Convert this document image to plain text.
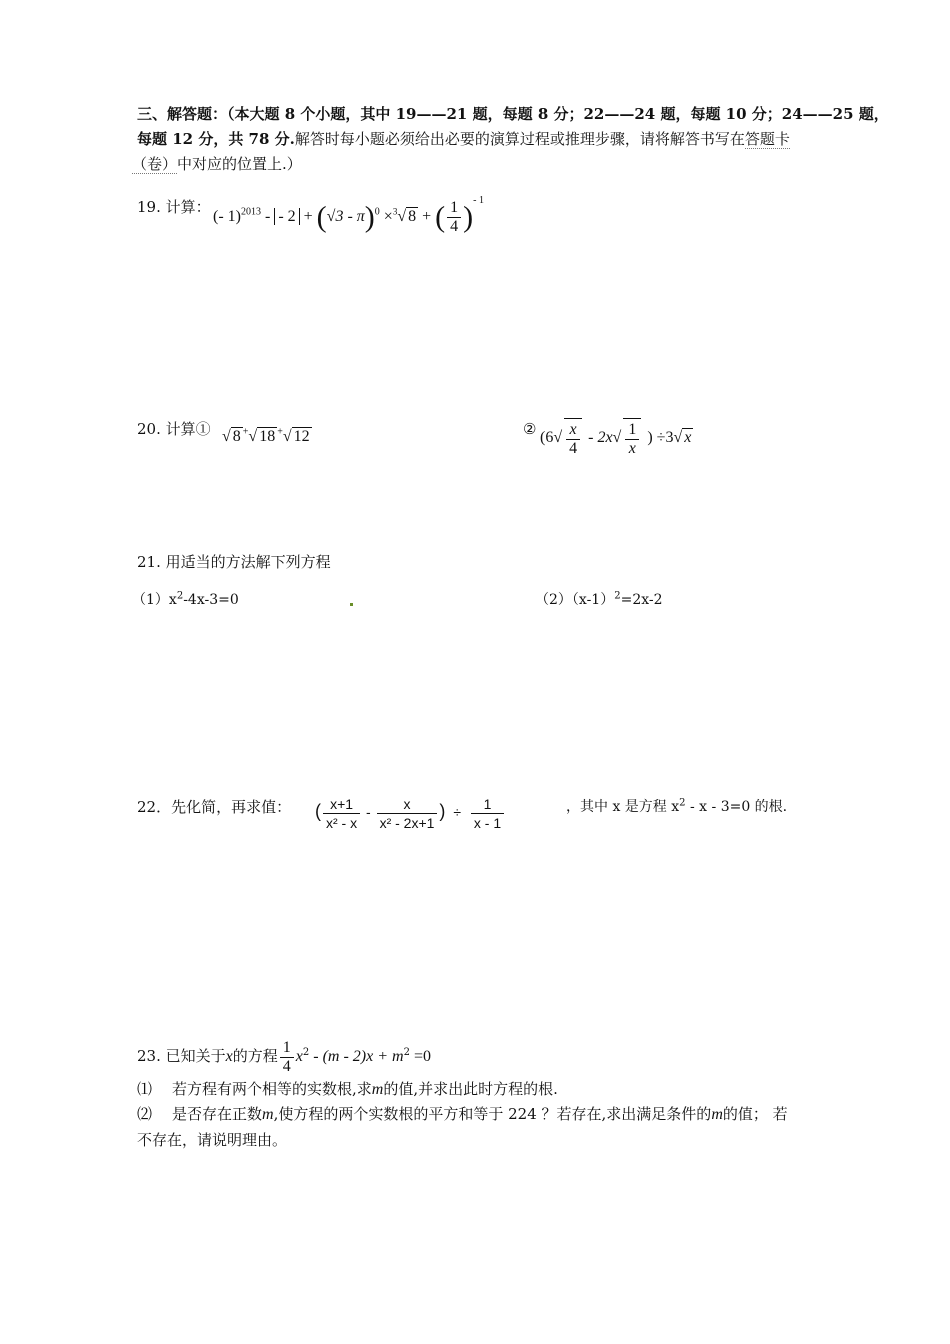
三、解答题：（本大题 8 个小题，其中 19——21 题，每题 8 分；22——24 题，每题 10 分；24——25 题，
每题 12 分，共 78 分.解答时每小题必须给出必要的演算过程或推理步骤，请将解答书写在答题卡
（卷）中对应的位置上.）
19. 计算：
(- 1)$^{2013}$ - - 2 + (√3 - π)$^0$ ×$^3$√ 8 + ( $\frac{1}{4} )^{- 1}$
20. 计算① √ 8 +√ 18 +√ 12	② ($6√ \frac{x}{4} - 2x√ \frac{1}{x}$ ) ÷3√ x
21. 用适当的方法解下列方程
$(1)x^2-4x-3=0$	$(2)(x-1)^2=2x-2$
22．先化简，再求值： ( $\frac{x+1}{\text{x² - x}} - \frac{x}{\text{x² - 2x+1}}$ ) ÷ $\frac{1}{x - 1}$	，其中 x 是方程 $x^2 - x - 3=0$ 的根.
23. 已知关于x的方程 $\frac{1}{4} x^2 - (m - 2)x + m^2 =0$
⑴ 若方程有两个相等的实数根,求m的值,并求出此时方程的根.
⑵ 是否存在正数m,使方程的两个实数根的平方和等于 224 ？若存在,求出满足条件的m的值； 若
不存在，请说明理由。
